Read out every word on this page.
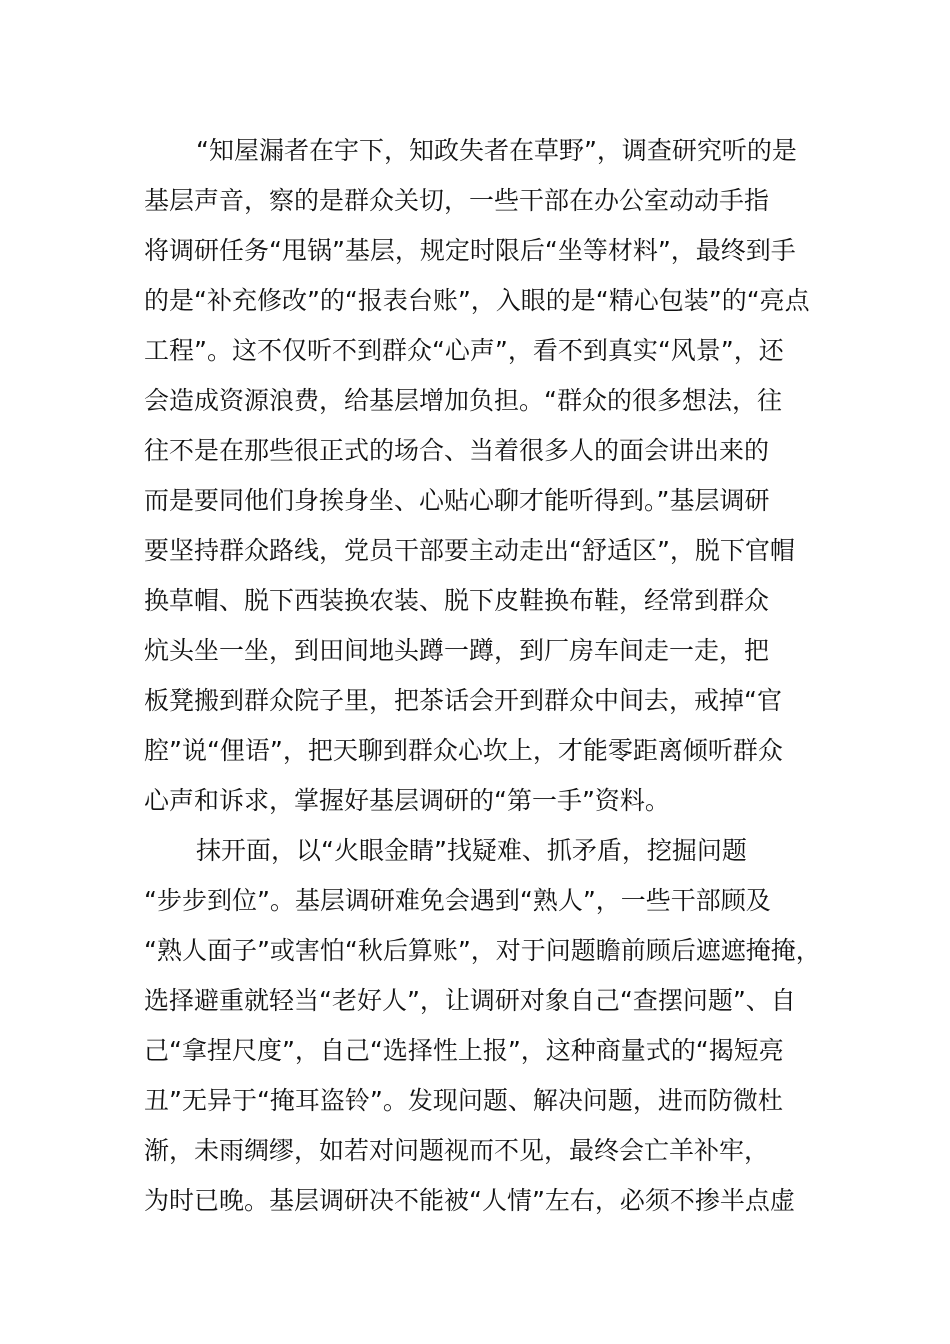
“知屋漏者在宇下，知政失者在草野”，调查研究听的是
基层声音，察的是群众关切，一些干部在办公室动动手指
将调研任务“甩锅”基层，规定时限后“坐等材料”，最终到手
的是“补充修改”的“报表台账”，入眼的是“精心包装”的“亮点
工程”。这不仅听不到群众“心声”，看不到真实“风景”，还
会造成资源浪费，给基层增加负担。“群众的很多想法，往
往不是在那些很正式的场合、当着很多人的面会讲出来的
而是要同他们身挨身坐、心贴心聊才能听得到。”基层调研
要坚持群众路线，党员干部要主动走出“舒适区”，脱下官帽
换草帽、脱下西装换农装、脱下皮鞋换布鞋，经常到群众
炕头坐一坐，到田间地头蹲一蹲，到厂房车间走一走，把
板凳搬到群众院子里，把茶话会开到群众中间去，戒掉“官
腔”说“俚语”，把天聊到群众心坎上，才能零距离倾听群众
心声和诉求，掌握好基层调研的“第一手”资料。
抹开面，以“火眼金睛”找疑难、抓矛盾，挖掘问题
“步步到位”。基层调研难免会遇到“熟人”，一些干部顾及
“熟人面子”或害怕“秋后算账”，对于问题瞻前顾后遮遮掩掩，
选择避重就轻当“老好人”，让调研对象自己“查摆问题”、自
己“拿捏尺度”，自己“选择性上报”，这种商量式的“揭短亮
丑”无异于“掩耳盗铃”。发现问题、解决问题，进而防微杜
渐，未雨绸缪，如若对问题视而不见，最终会亡羊补牢，
为时已晚。基层调研决不能被“人情”左右，必须不掺半点虚
